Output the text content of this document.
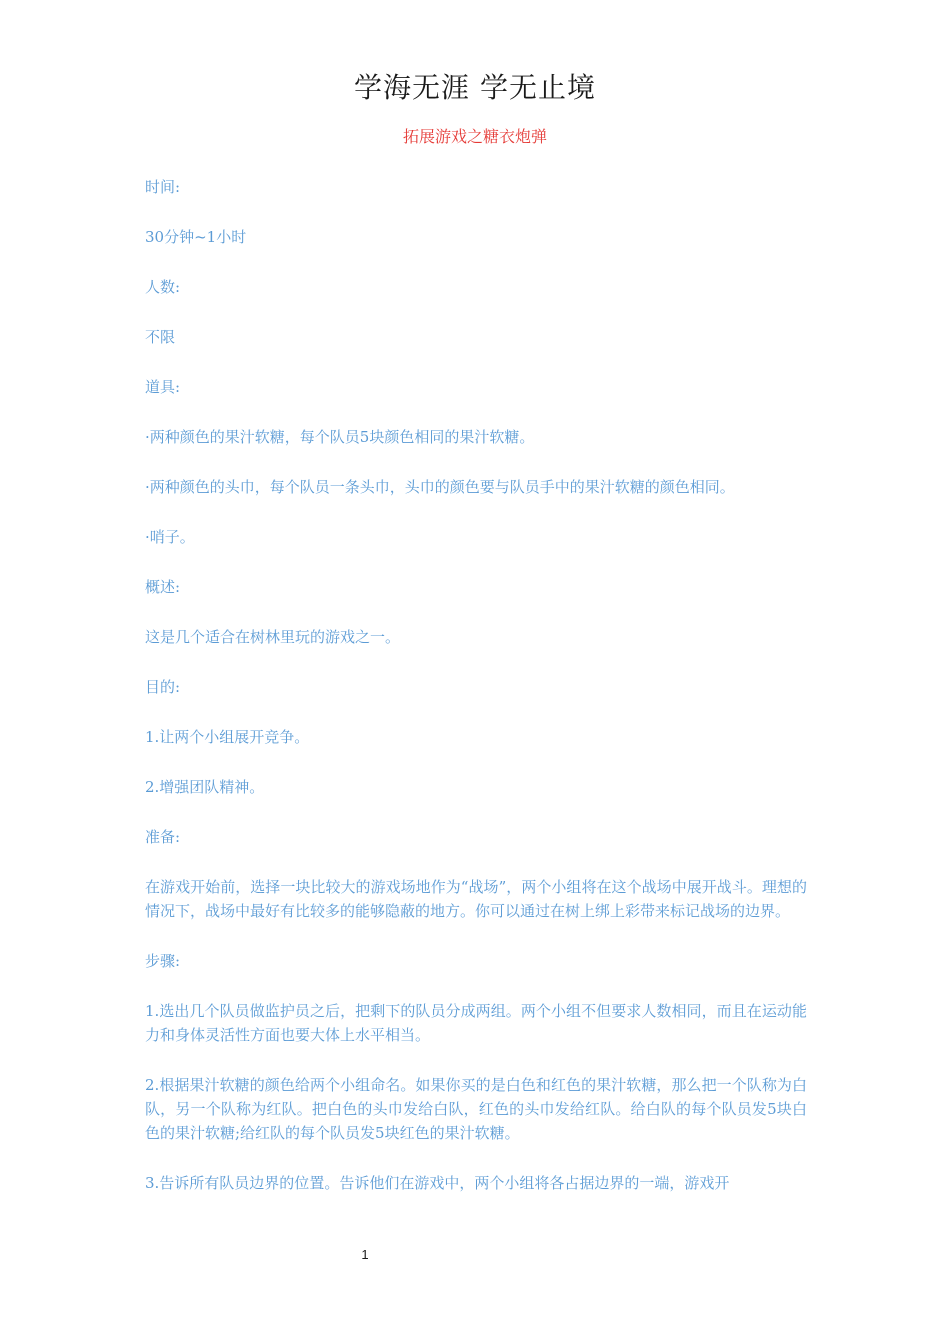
学海无涯 学无止境
拓展游戏之糖衣炮弹

时间:

30分钟~1小时

人数:

不限

道具:

·两种颜色的果汁软糖，每个队员5块颜色相同的果汁软糖。

·两种颜色的头巾，每个队员一条头巾，头巾的颜色要与队员手中的果汁软糖的颜色相同。

·哨子。

概述:

这是几个适合在树林里玩的游戏之一。

目的:

1.让两个小组展开竞争。

2.增强团队精神。

准备:

在游戏开始前，选择一块比较大的游戏场地作为“战场”，两个小组将在这个战场中展开战斗。理想的情况下，战场中最好有比较多的能够隐蔽的地方。你可以通过在树上绑上彩带来标记战场的边界。

步骤:

1.选出几个队员做监护员之后，把剩下的队员分成两组。两个小组不但要求人数相同，而且在运动能力和身体灵活性方面也要大体上水平相当。

2.根据果汁软糖的颜色给两个小组命名。如果你买的是白色和红色的果汁软糖，那么把一个队称为白队，另一个队称为红队。把白色的头巾发给白队，红色的头巾发给红队。给白队的每个队员发5块白色的果汁软糖;给红队的每个队员发5块红色的果汁软糖。

3.告诉所有队员边界的位置。告诉他们在游戏中，两个小组将各占据边界的一端，游戏开

1
